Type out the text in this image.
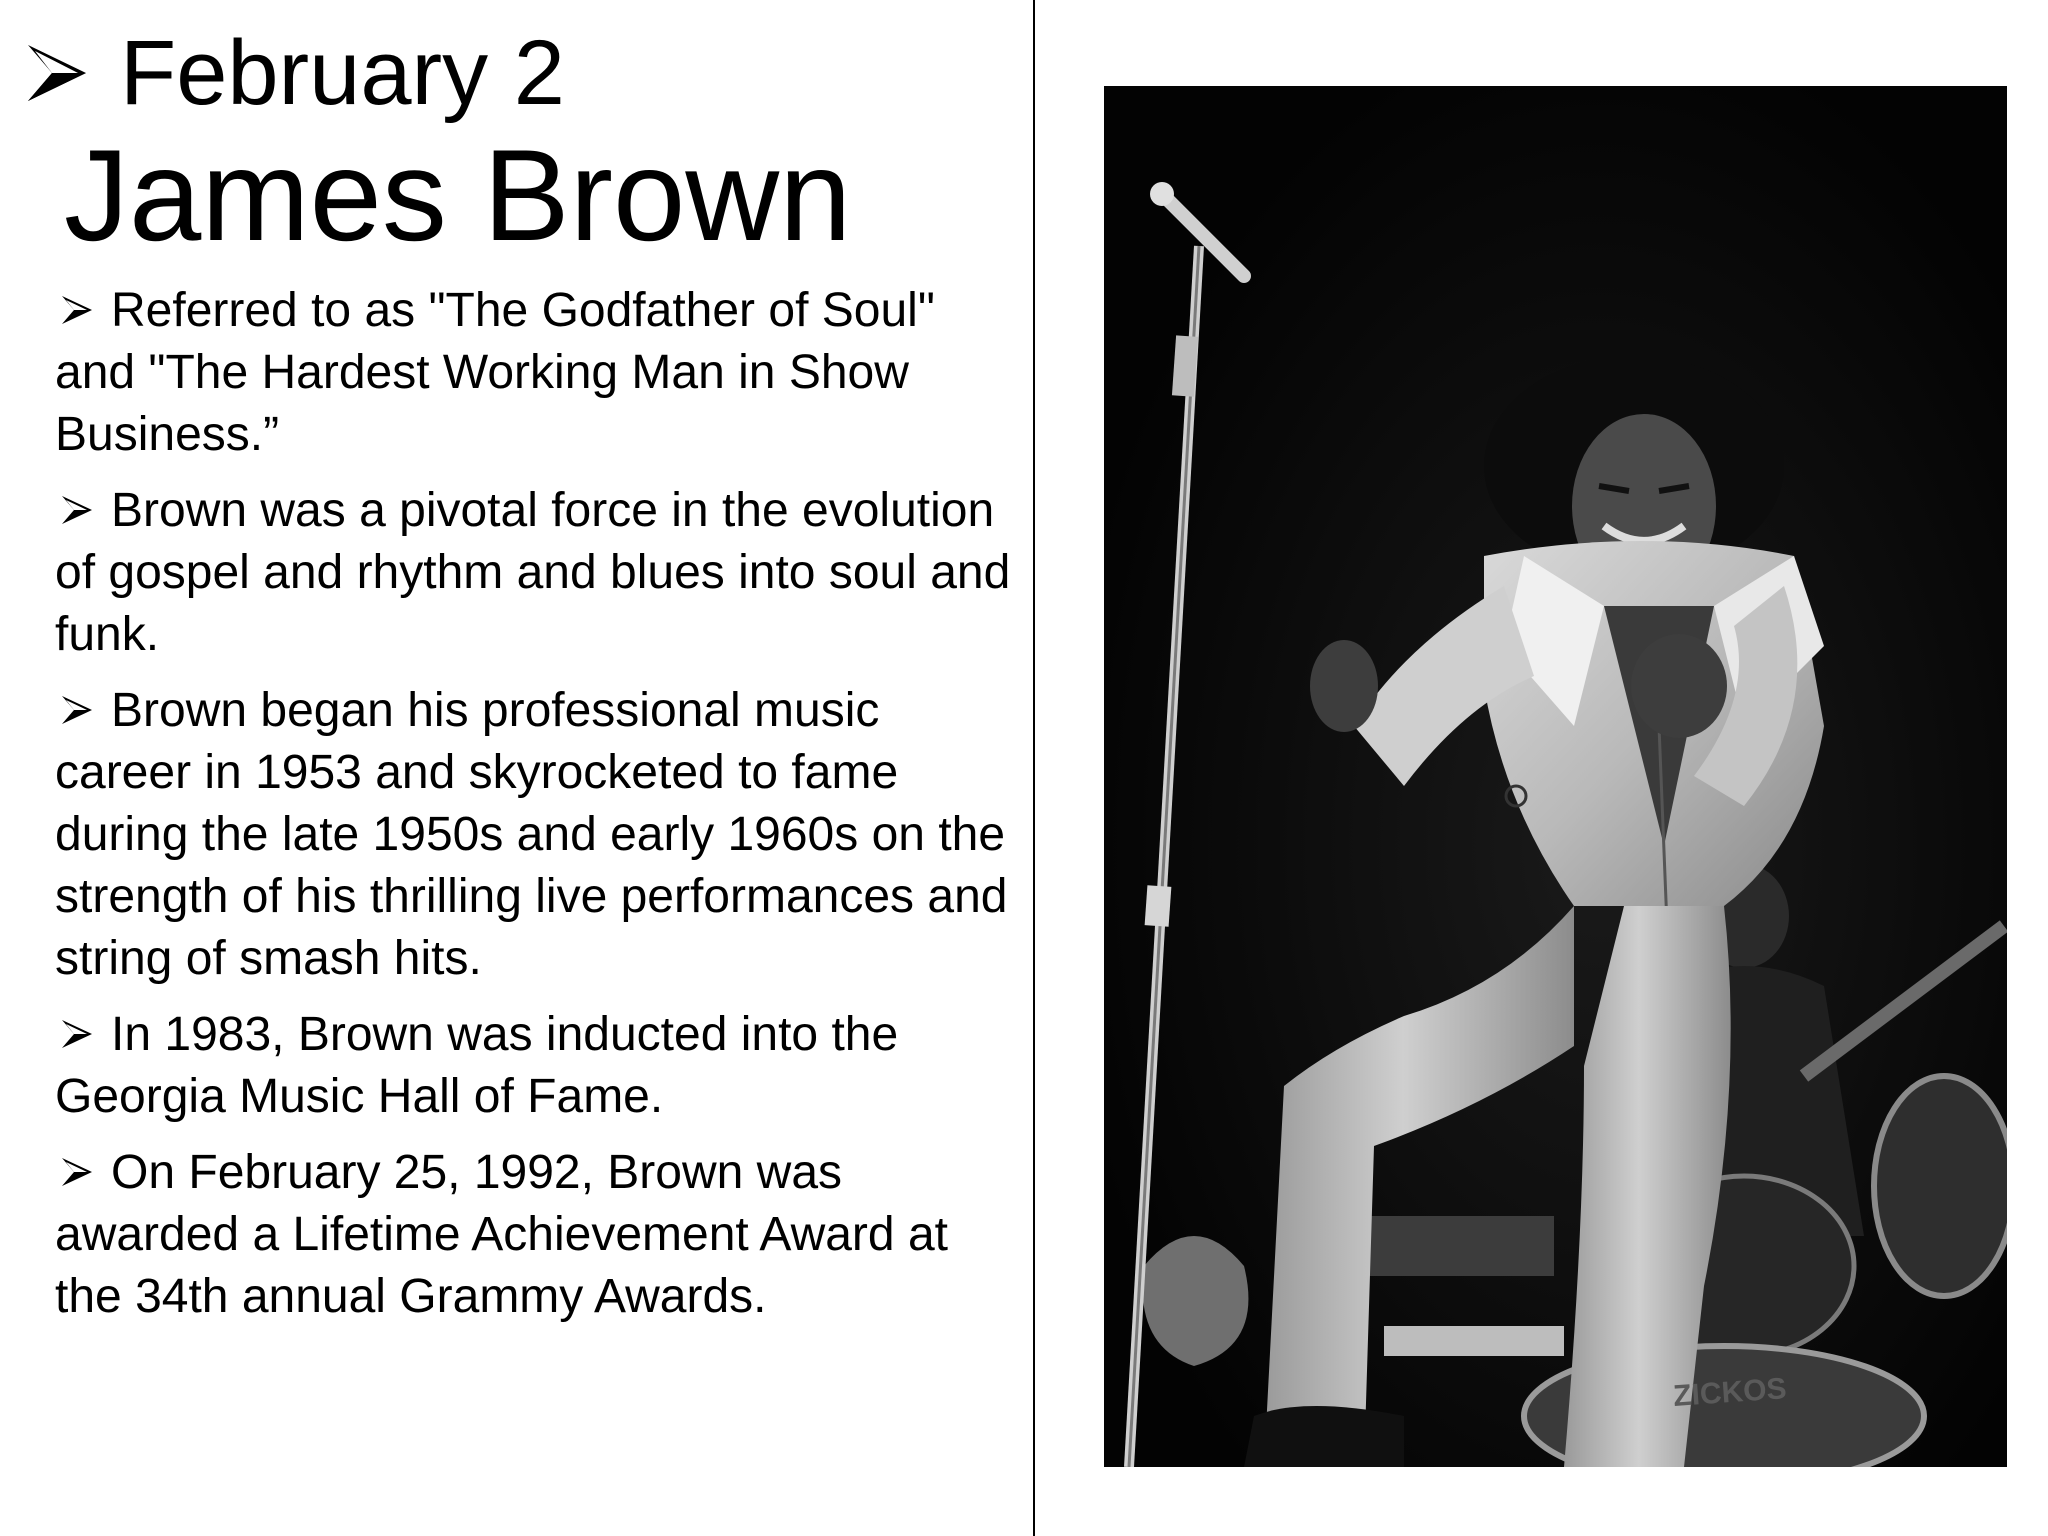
February 2
James Brown

Referred to as "The Godfather of Soul" and "The Hardest Working Man in Show Business.”

Brown was a pivotal force in the evolution of gospel and rhythm and blues into soul and funk.

Brown began his professional music career in 1953 and skyrocketed to fame during the late 1950s and early 1960s on the strength of his thrilling live performances and string of smash hits.

In 1983, Brown was inducted into the Georgia Music Hall of Fame.

On February 25, 1992, Brown was awarded a Lifetime Achievement Award at the 34th annual Grammy Awards.

ZICKOS
